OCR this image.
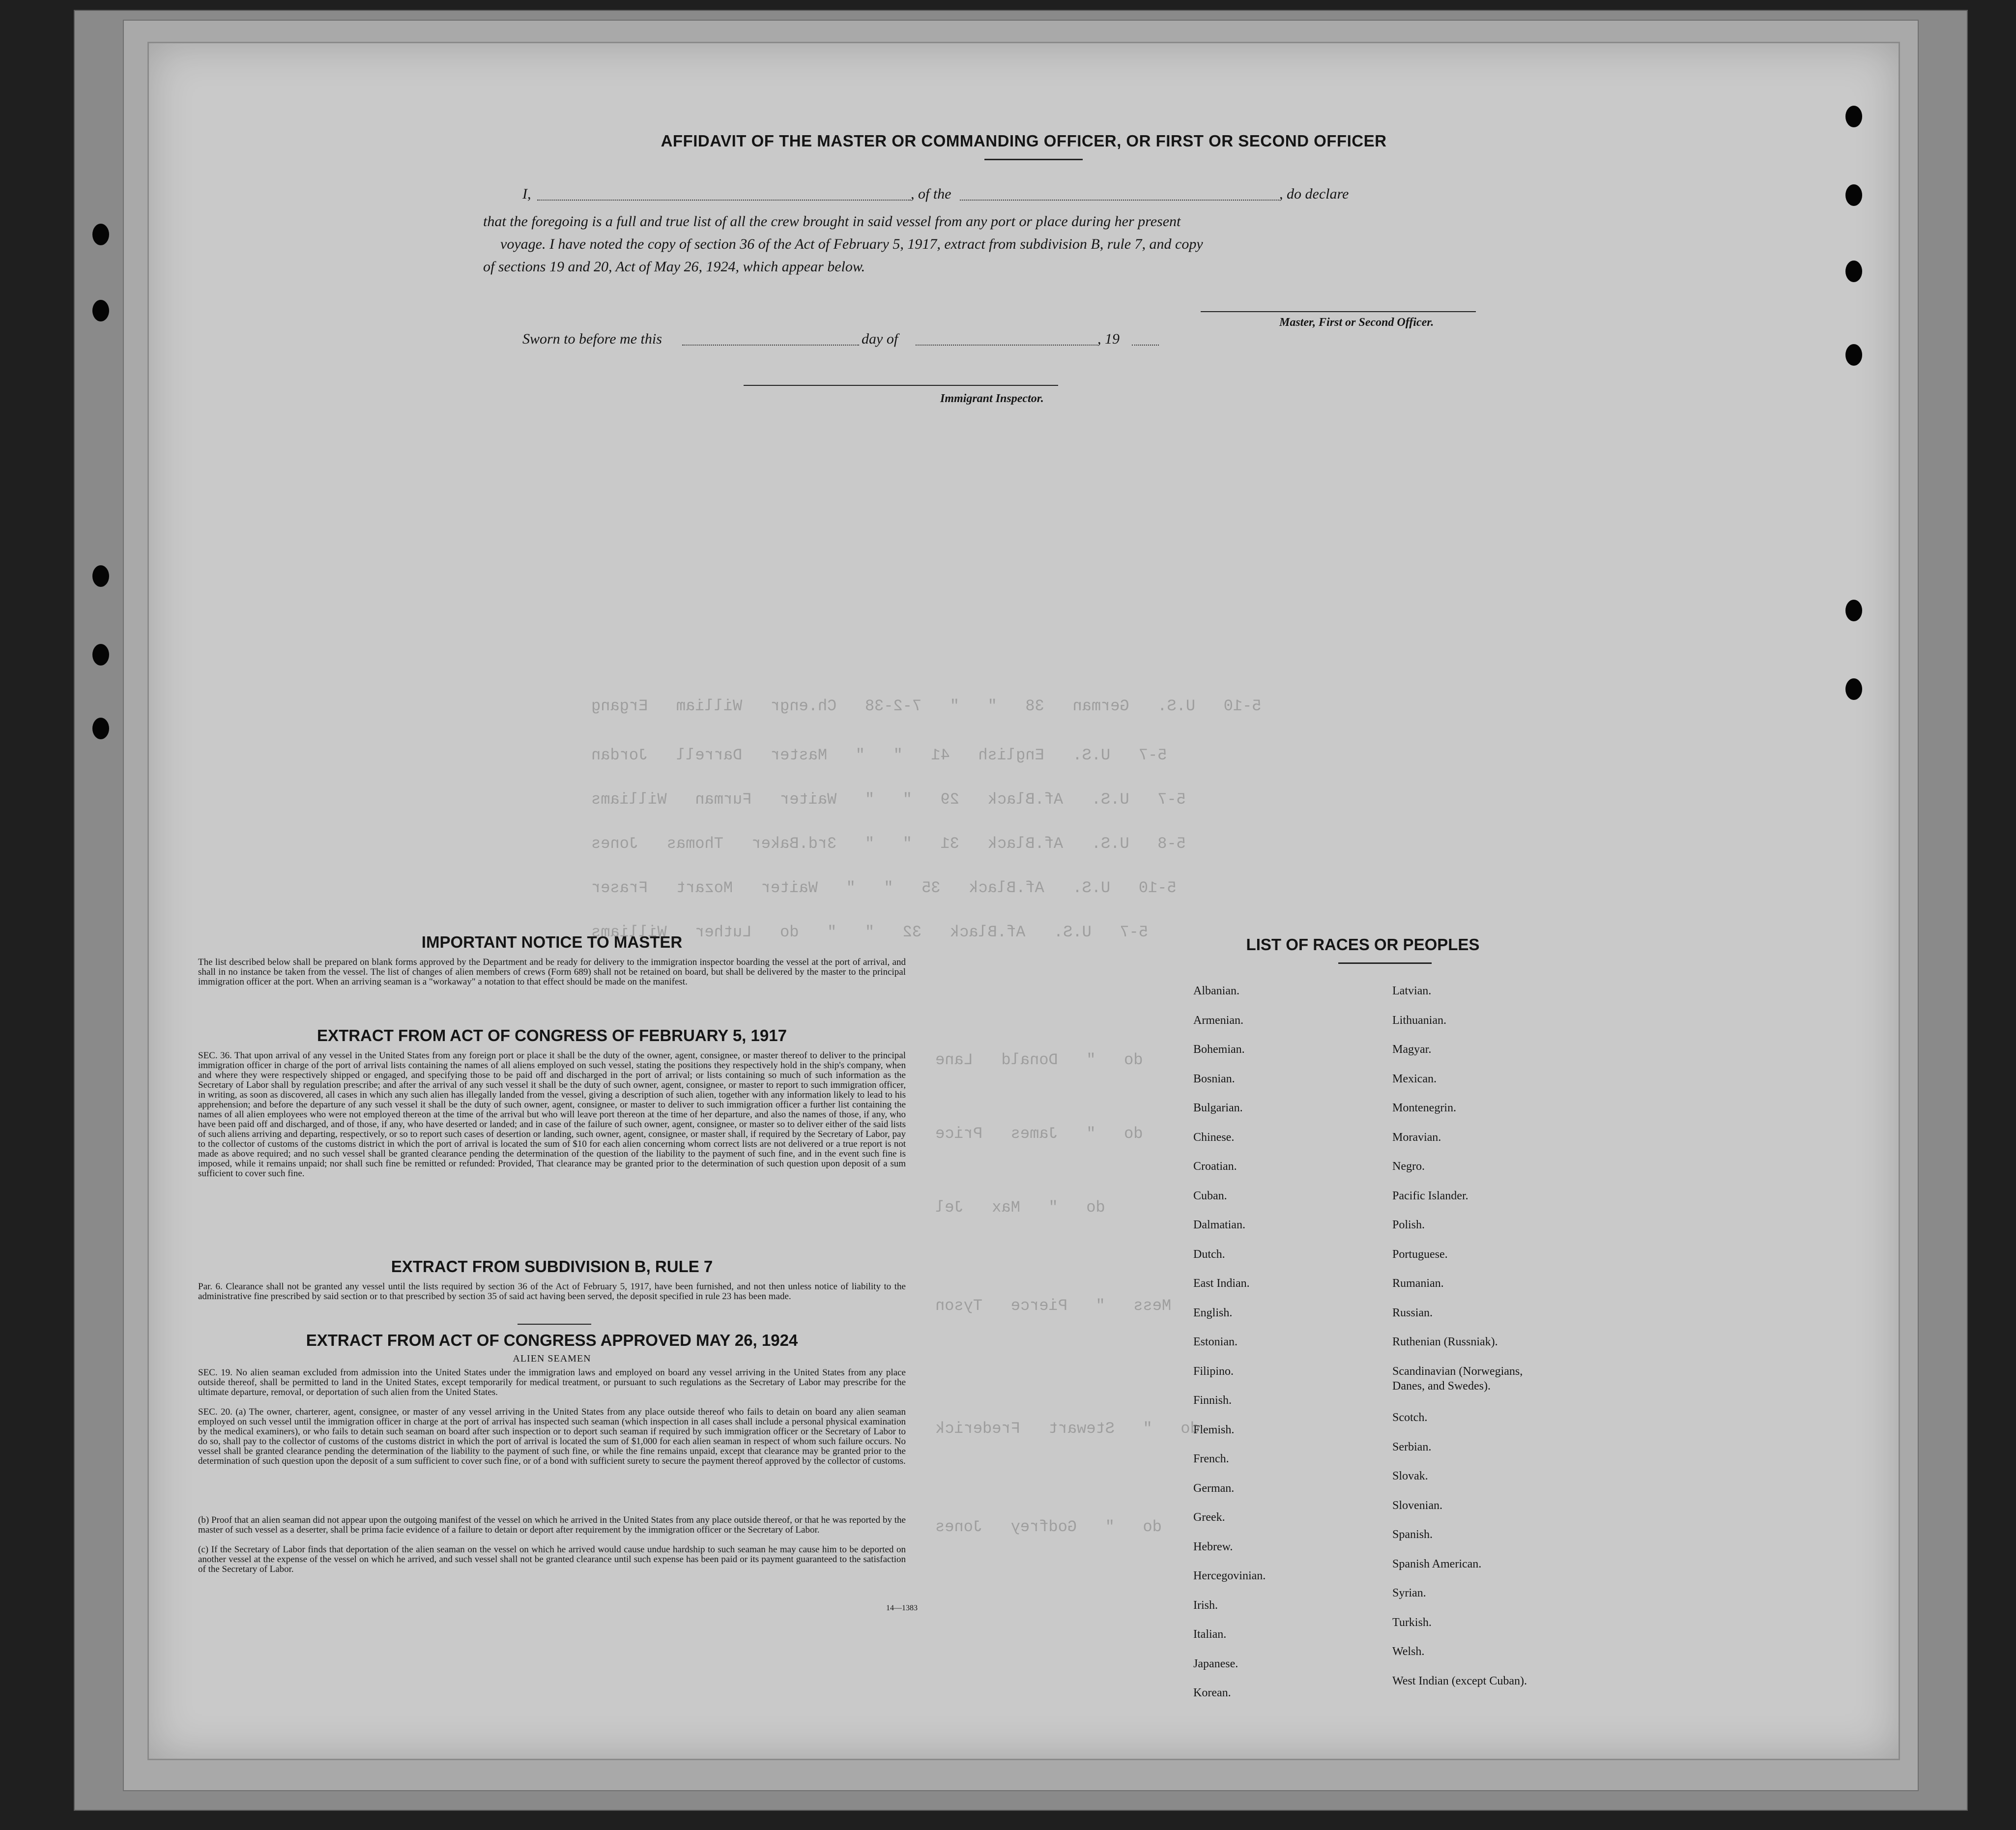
5-10   U.S.   German   38   "   "   7-2-38   Ch.engr   William   Ergang
5-7   U.S.   English   41   "   "   Master   Darrell   Jordan
5-7   U.S.   Af.Black   29   "   "   Waiter   Furman   Williams
5-8   U.S.   Af.Black   31   "   "   3rd.Baker   Thomas   Jones
5-10   U.S.   Af.Black   35   "   "   Waiter   Mozart   Fraser
5-7   U.S.   Af.Black   32   "   "   do   Luther   Williams
do   "   Donald   Lane
do   "   James   Price
do   "   Max   Jel
Mess   "   Pierce   Tyson
do   "   Stewart   Frederick
do   "   Godfrey   Jones
AFFIDAVIT OF THE MASTER OR COMMANDING OFFICER, OR FIRST OR SECOND OFFICER
I,	, of the	, do declare
that the foregoing is a full and true list of all the crew brought in said vessel from any port or place during her present
voyage. I have noted the copy of section 36 of the Act of February 5, 1917, extract from subdivision B, rule 7, and copy
of sections 19 and 20, Act of May 26, 1924, which appear below.
Master, First or Second Officer.
Sworn to before me this	day of	, 19
Immigrant Inspector.
IMPORTANT NOTICE TO MASTER
The list described below shall be prepared on blank forms approved by the Department and be ready for delivery to the immigration inspector boarding the vessel at the port of arrival, and shall in no instance be taken from the vessel. The list of changes of alien members of crews (Form 689) shall not be retained on board, but shall be delivered by the master to the principal immigration officer at the port. When an arriving seaman is a "workaway" a notation to that effect should be made on the manifest.
EXTRACT FROM ACT OF CONGRESS OF FEBRUARY 5, 1917
SEC. 36. That upon arrival of any vessel in the United States from any foreign port or place it shall be the duty of the owner, agent, consignee, or master thereof to deliver to the principal immigration officer in charge of the port of arrival lists containing the names of all aliens employed on such vessel, stating the positions they respectively hold in the ship's company, when and where they were respectively shipped or engaged, and specifying those to be paid off and discharged in the port of arrival; or lists containing so much of such information as the Secretary of Labor shall by regulation prescribe; and after the arrival of any such vessel it shall be the duty of such owner, agent, consignee, or master to report to such immigration officer, in writing, as soon as discovered, all cases in which any such alien has illegally landed from the vessel, giving a description of such alien, together with any information likely to lead to his apprehension; and before the departure of any such vessel it shall be the duty of such owner, agent, consignee, or master to deliver to such immigration officer a further list containing the names of all alien employees who were not employed thereon at the time of the arrival but who will leave port thereon at the time of her departure, and also the names of those, if any, who have been paid off and discharged, and of those, if any, who have deserted or landed; and in case of the failure of such owner, agent, consignee, or master so to deliver either of the said lists of such aliens arriving and departing, respectively, or so to report such cases of desertion or landing, such owner, agent, consignee, or master shall, if required by the Secretary of Labor, pay to the collector of customs of the customs district in which the port of arrival is located the sum of $10 for each alien concerning whom correct lists are not delivered or a true report is not made as above required; and no such vessel shall be granted clearance pending the determination of the question of the liability to the payment of such fine, and in the event such fine is imposed, while it remains unpaid; nor shall such fine be remitted or refunded: Provided, That clearance may be granted prior to the determination of such question upon deposit of a sum sufficient to cover such fine.
EXTRACT FROM SUBDIVISION B, RULE 7
Par. 6. Clearance shall not be granted any vessel until the lists required by section 36 of the Act of February 5, 1917, have been furnished, and not then unless notice of liability to the administrative fine prescribed by said section or to that prescribed by section 35 of said act having been served, the deposit specified in rule 23 has been made.
EXTRACT FROM ACT OF CONGRESS APPROVED MAY 26, 1924
ALIEN SEAMEN
SEC. 19. No alien seaman excluded from admission into the United States under the immigration laws and employed on board any vessel arriving in the United States from any place outside thereof, shall be permitted to land in the United States, except temporarily for medical treatment, or pursuant to such regulations as the Secretary of Labor may prescribe for the ultimate departure, removal, or deportation of such alien from the United States.
SEC. 20. (a) The owner, charterer, agent, consignee, or master of any vessel arriving in the United States from any place outside thereof who fails to detain on board any alien seaman employed on such vessel until the immigration officer in charge at the port of arrival has inspected such seaman (which inspection in all cases shall include a personal physical examination by the medical examiners), or who fails to detain such seaman on board after such inspection or to deport such seaman if required by such immigration officer or the Secretary of Labor to do so, shall pay to the collector of customs of the customs district in which the port of arrival is located the sum of $1,000 for each alien seaman in respect of whom such failure occurs. No vessel shall be granted clearance pending the determination of the liability to the payment of such fine, or while the fine remains unpaid, except that clearance may be granted prior to the determination of such question upon the deposit of a sum sufficient to cover such fine, or of a bond with sufficient surety to secure the payment thereof approved by the collector of customs.
(b) Proof that an alien seaman did not appear upon the outgoing manifest of the vessel on which he arrived in the United States from any place outside thereof, or that he was reported by the master of such vessel as a deserter, shall be prima facie evidence of a failure to detain or deport after requirement by the immigration officer or the Secretary of Labor.
(c) If the Secretary of Labor finds that deportation of the alien seaman on the vessel on which he arrived would cause undue hardship to such seaman he may cause him to be deported on another vessel at the expense of the vessel on which he arrived, and such vessel shall not be granted clearance until such expense has been paid or its payment guaranteed to the satisfaction of the Secretary of Labor.
14—1383
LIST OF RACES OR PEOPLES
Albanian.
Armenian.
Bohemian.
Bosnian.
Bulgarian.
Chinese.
Croatian.
Cuban.
Dalmatian.
Dutch.
East Indian.
English.
Estonian.
Filipino.
Finnish.
Flemish.
French.
German.
Greek.
Hebrew.
Hercegovinian.
Irish.
Italian.
Japanese.
Korean.
Latvian.
Lithuanian.
Magyar.
Mexican.
Montenegrin.
Moravian.
Negro.
Pacific Islander.
Polish.
Portuguese.
Rumanian.
Russian.
Ruthenian (Russniak).
Scandinavian (Norwegians,
Danes, and Swedes).
Scotch.
Serbian.
Slovak.
Slovenian.
Spanish.
Spanish American.
Syrian.
Turkish.
Welsh.
West Indian (except Cuban).
